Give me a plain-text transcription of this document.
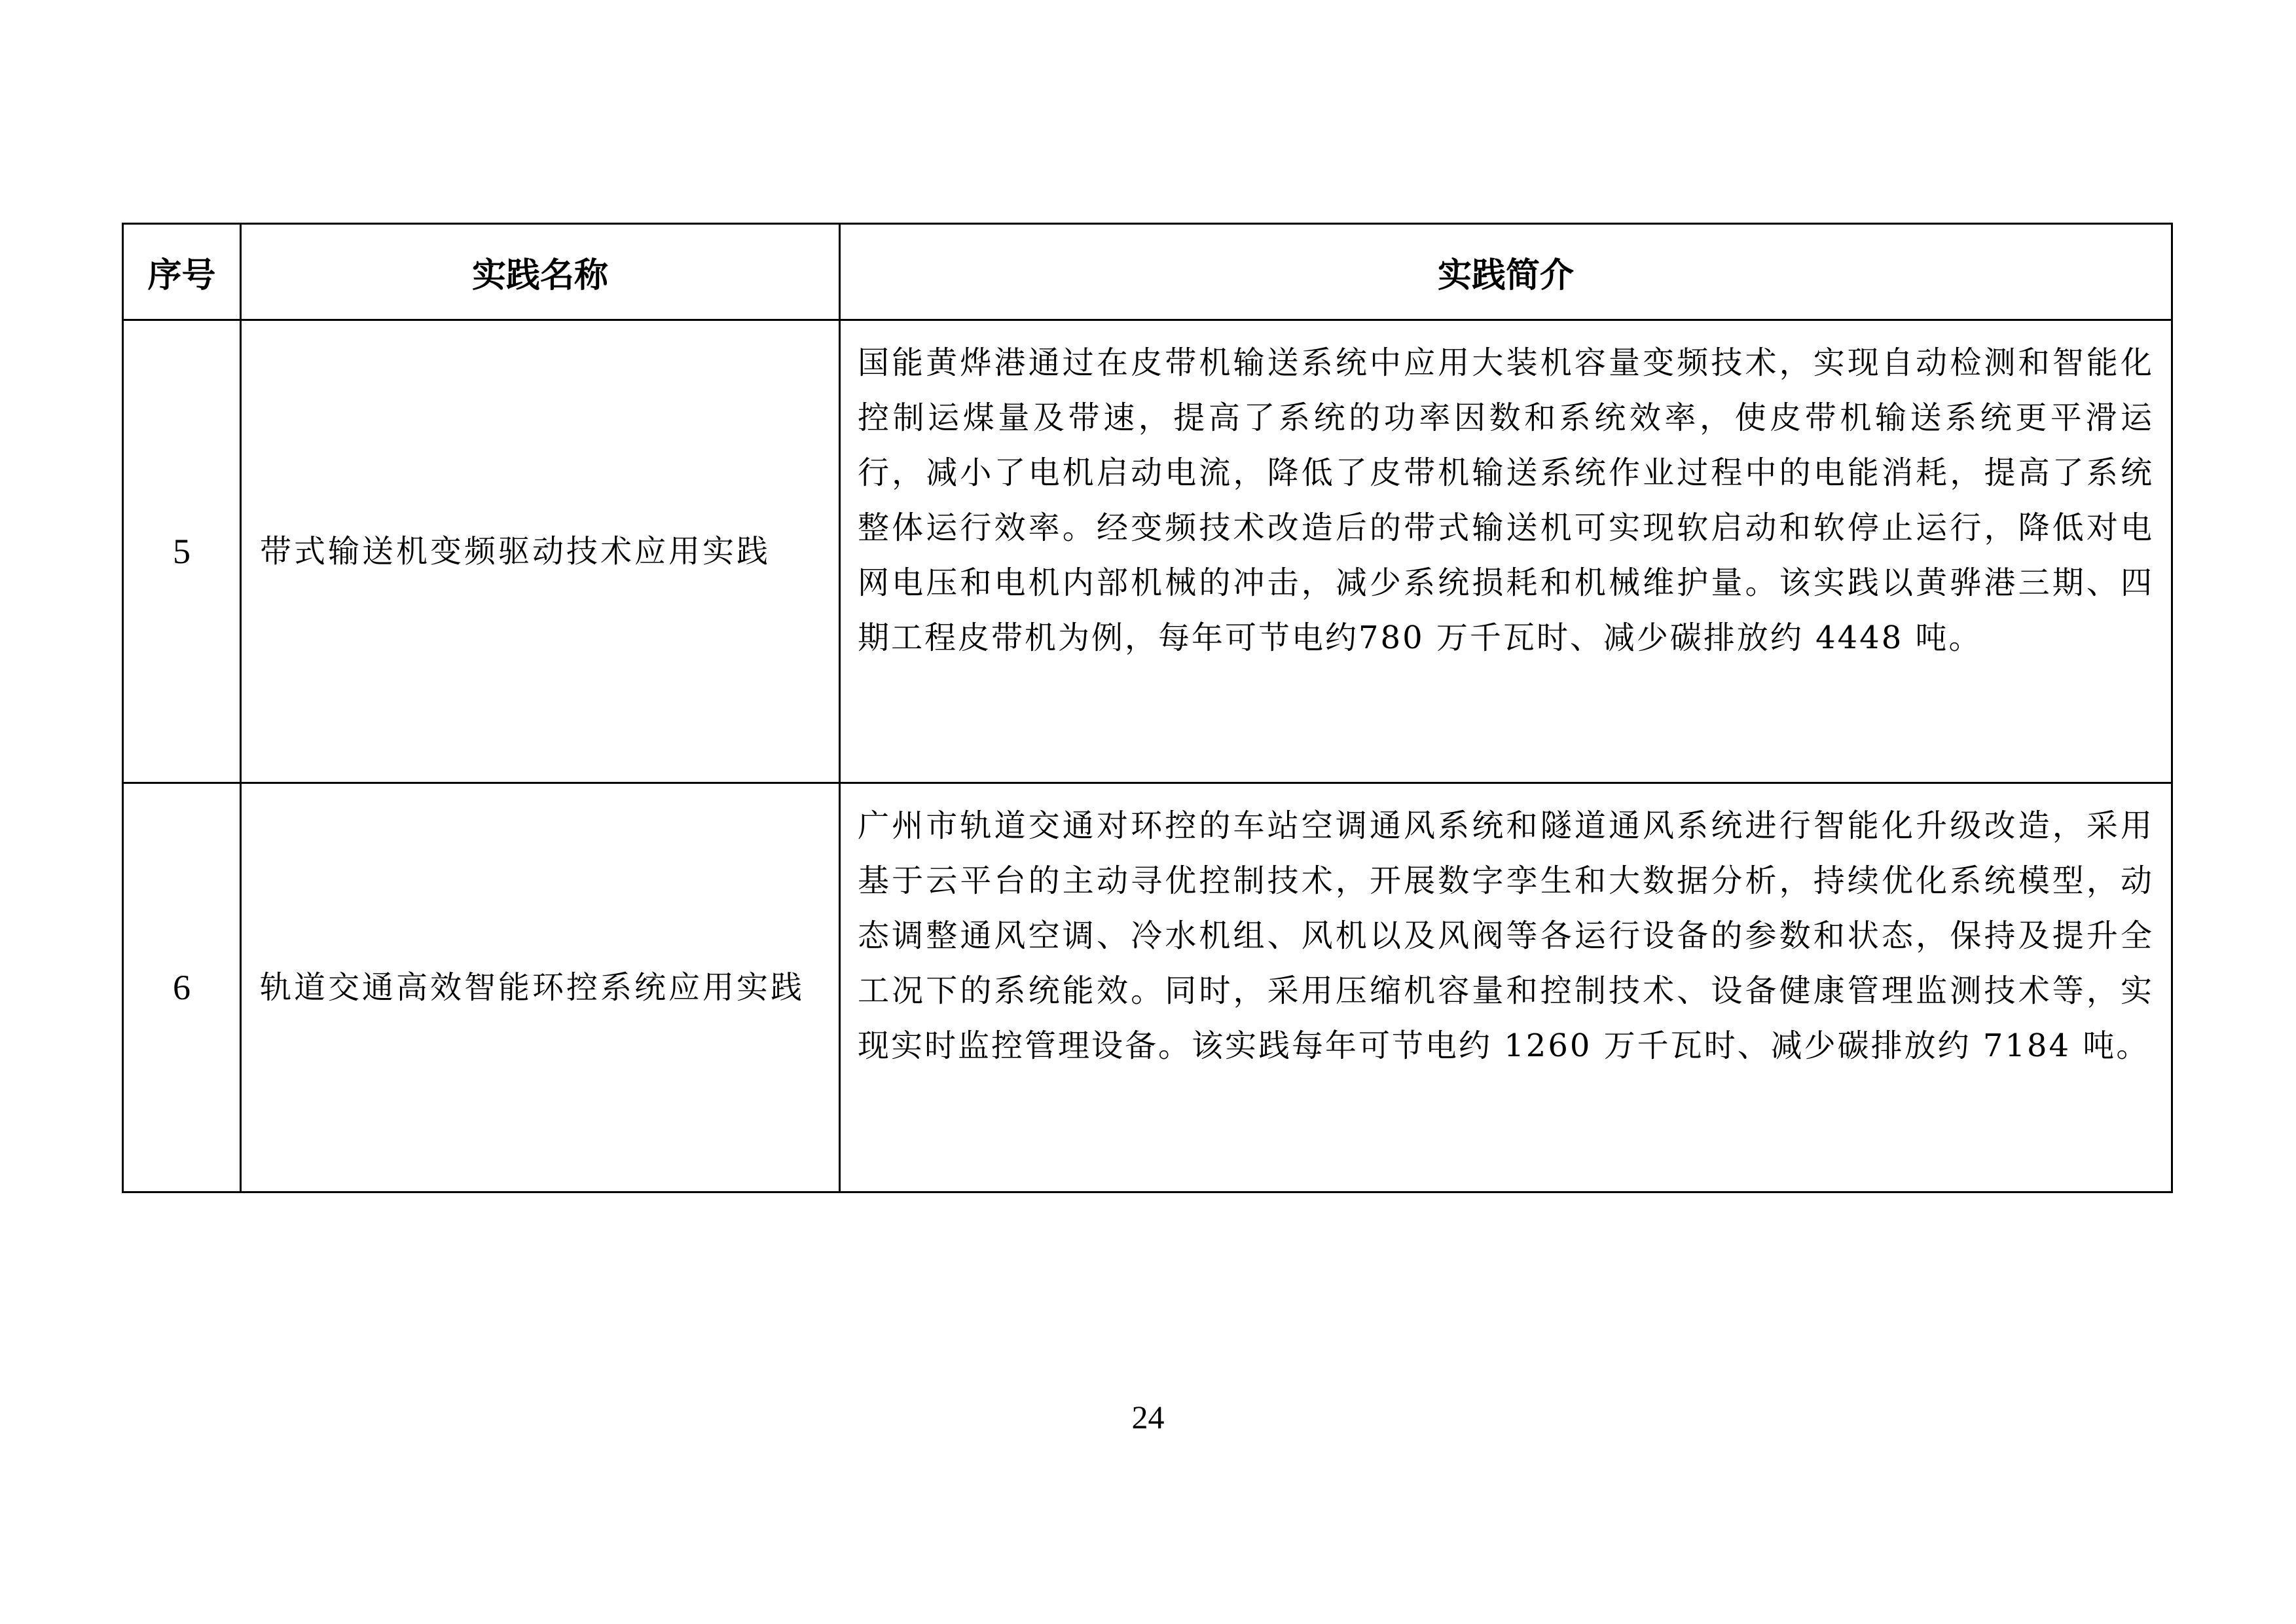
序号	实践名称	实践简介
5	带式输送机变频驱动技术应用实践	国能黄烨港通过在皮带机输送系统中应用大装机容量变频技术，实现自动检测和智能化控制运煤量及带速，提高了系统的功率因数和系统效率，使皮带机输送系统更平滑运行，减小了电机启动电流，降低了皮带机输送系统作业过程中的电能消耗，提高了系统整体运行效率。经变频技术改造后的带式输送机可实现软启动和软停止运行，降低对电网电压和电机内部机械的冲击，减少系统损耗和机械维护量。该实践以黄骅港三期、四期工程皮带机为例，每年可节电约780 万千瓦时、减少碳排放约 4448 吨。
6	轨道交通高效智能环控系统应用实践	广州市轨道交通对环控的车站空调通风系统和隧道通风系统进行智能化升级改造，采用基于云平台的主动寻优控制技术，开展数字孪生和大数据分析，持续优化系统模型，动态调整通风空调、冷水机组、风机以及风阀等各运行设备的参数和状态，保持及提升全工况下的系统能效。同时，采用压缩机容量和控制技术、设备健康管理监测技术等，实现实时监控管理设备。该实践每年可节电约 1260 万千瓦时、减少碳排放约 7184 吨。
24
